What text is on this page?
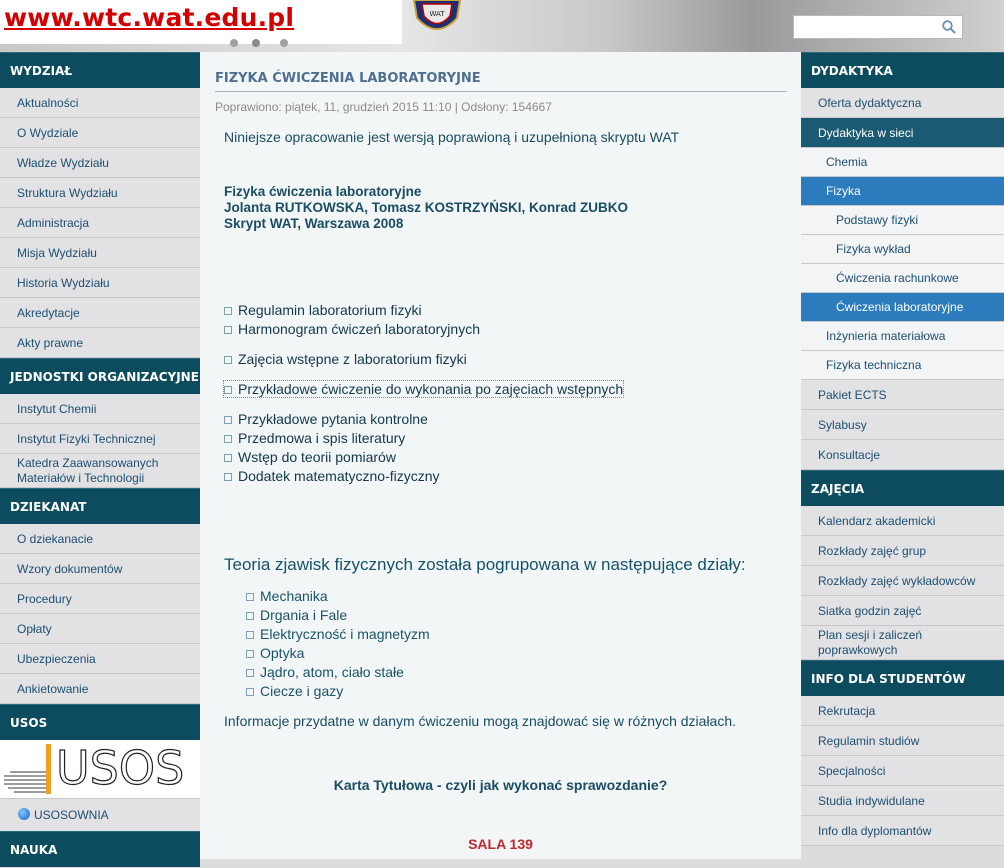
www.wtc.wat.edu.pl	WAT
WYDZIAŁ
Aktualności
O Wydziale
Władze Wydziału
Struktura Wydziału
Administracja
Misja Wydziału
Historia Wydziału
Akredytacje
Akty prawne
JEDNOSTKI ORGANIZACYJNE
Instytut Chemii
Instytut Fizyki Technicznej
Katedra Zaawansowanych Materiałów i Technologii
DZIEKANAT
O dziekanacie
Wzory dokumentów
Procedury
Opłaty
Ubezpieczenia
Ankietowanie
USOS
USOS
USOSOWNIA
NAUKA
FIZYKA ĆWICZENIA LABORATORYJNE
Poprawiono: piątek, 11, grudzień 2015 11:10 | Odsłony: 154667
Niniejsze opracowanie jest wersją poprawioną i uzupełnioną skryptu WAT
Fizyka ćwiczenia laboratoryjne
Jolanta RUTKOWSKA, Tomasz KOSTRZYŃSKI, Konrad ZUBKO
Skrypt WAT, Warszawa 2008
Regulamin laboratorium fizyki
Harmonogram ćwiczeń laboratoryjnych
Zajęcia wstępne z laboratorium fizyki
Przykładowe ćwiczenie do wykonania po zajęciach wstępnych
Przykładowe pytania kontrolne
Przedmowa i spis literatury
Wstęp do teorii pomiarów
Dodatek matematyczno-fizyczny
Teoria zjawisk fizycznych została pogrupowana w następujące działy:
Mechanika
Drgania i Fale
Elektryczność i magnetyzm
Optyka
Jądro, atom, ciało stałe
Ciecze i gazy
Informacje przydatne w danym ćwiczeniu mogą znajdować się w różnych działach.
Karta Tytułowa - czyli jak wykonać sprawozdanie?
SALA 139
DYDAKTYKA
Oferta dydaktyczna
Dydaktyka w sieci
Chemia
Fizyka
Podstawy fizyki
Fizyka wykład
Ćwiczenia rachunkowe
Ćwiczenia laboratoryjne
Inżynieria materiałowa
Fizyka techniczna
Pakiet ECTS
Sylabusy
Konsultacje
ZAJĘCIA
Kalendarz akademicki
Rozkłady zajęć grup
Rozkłady zajęć wykładowców
Siatka godzin zajęć
Plan sesji i zaliczeń poprawkowych
INFO DLA STUDENTÓW
Rekrutacja
Regulamin studiów
Specjalności
Studia indywidulane
Info dla dyplomantów
